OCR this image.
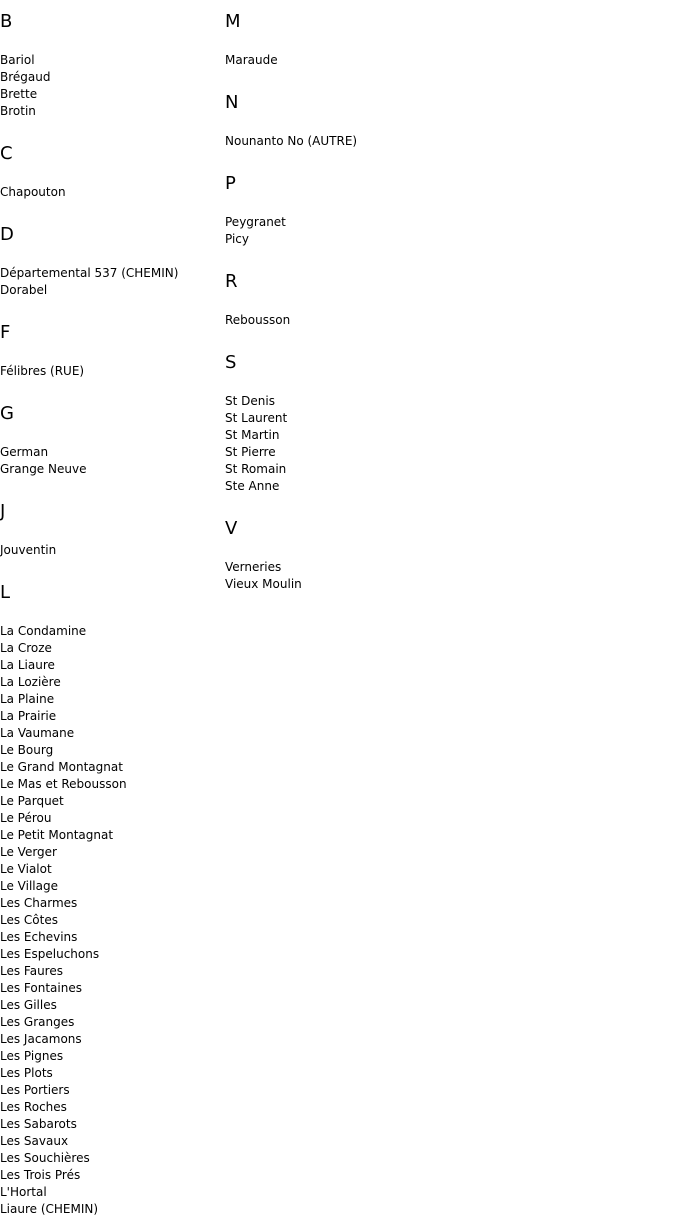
B
Bariol
Brégaud
Brette
Brotin
C
Chapouton
D
Départemental 537 (CHEMIN)
Dorabel
F
Félibres (RUE)
G
German
Grange Neuve
J
Jouventin
L
La Condamine
La Croze
La Liaure
La Lozière
La Plaine
La Prairie
La Vaumane
Le Bourg
Le Grand Montagnat
Le Mas et Rebousson
Le Parquet
Le Pérou
Le Petit Montagnat
Le Verger
Le Vialot
Le Village
Les Charmes
Les Côtes
Les Echevins
Les Espeluchons
Les Faures
Les Fontaines
Les Gilles
Les Granges
Les Jacamons
Les Pignes
Les Plots
Les Portiers
Les Roches
Les Sabarots
Les Savaux
Les Souchières
Les Trois Prés
L'Hortal
Liaure (CHEMIN)
M
Maraude
N
Nounanto No (AUTRE)
P
Peygranet
Picy
R
Rebousson
S
St Denis
St Laurent
St Martin
St Pierre
St Romain
Ste Anne
V
Verneries
Vieux Moulin
